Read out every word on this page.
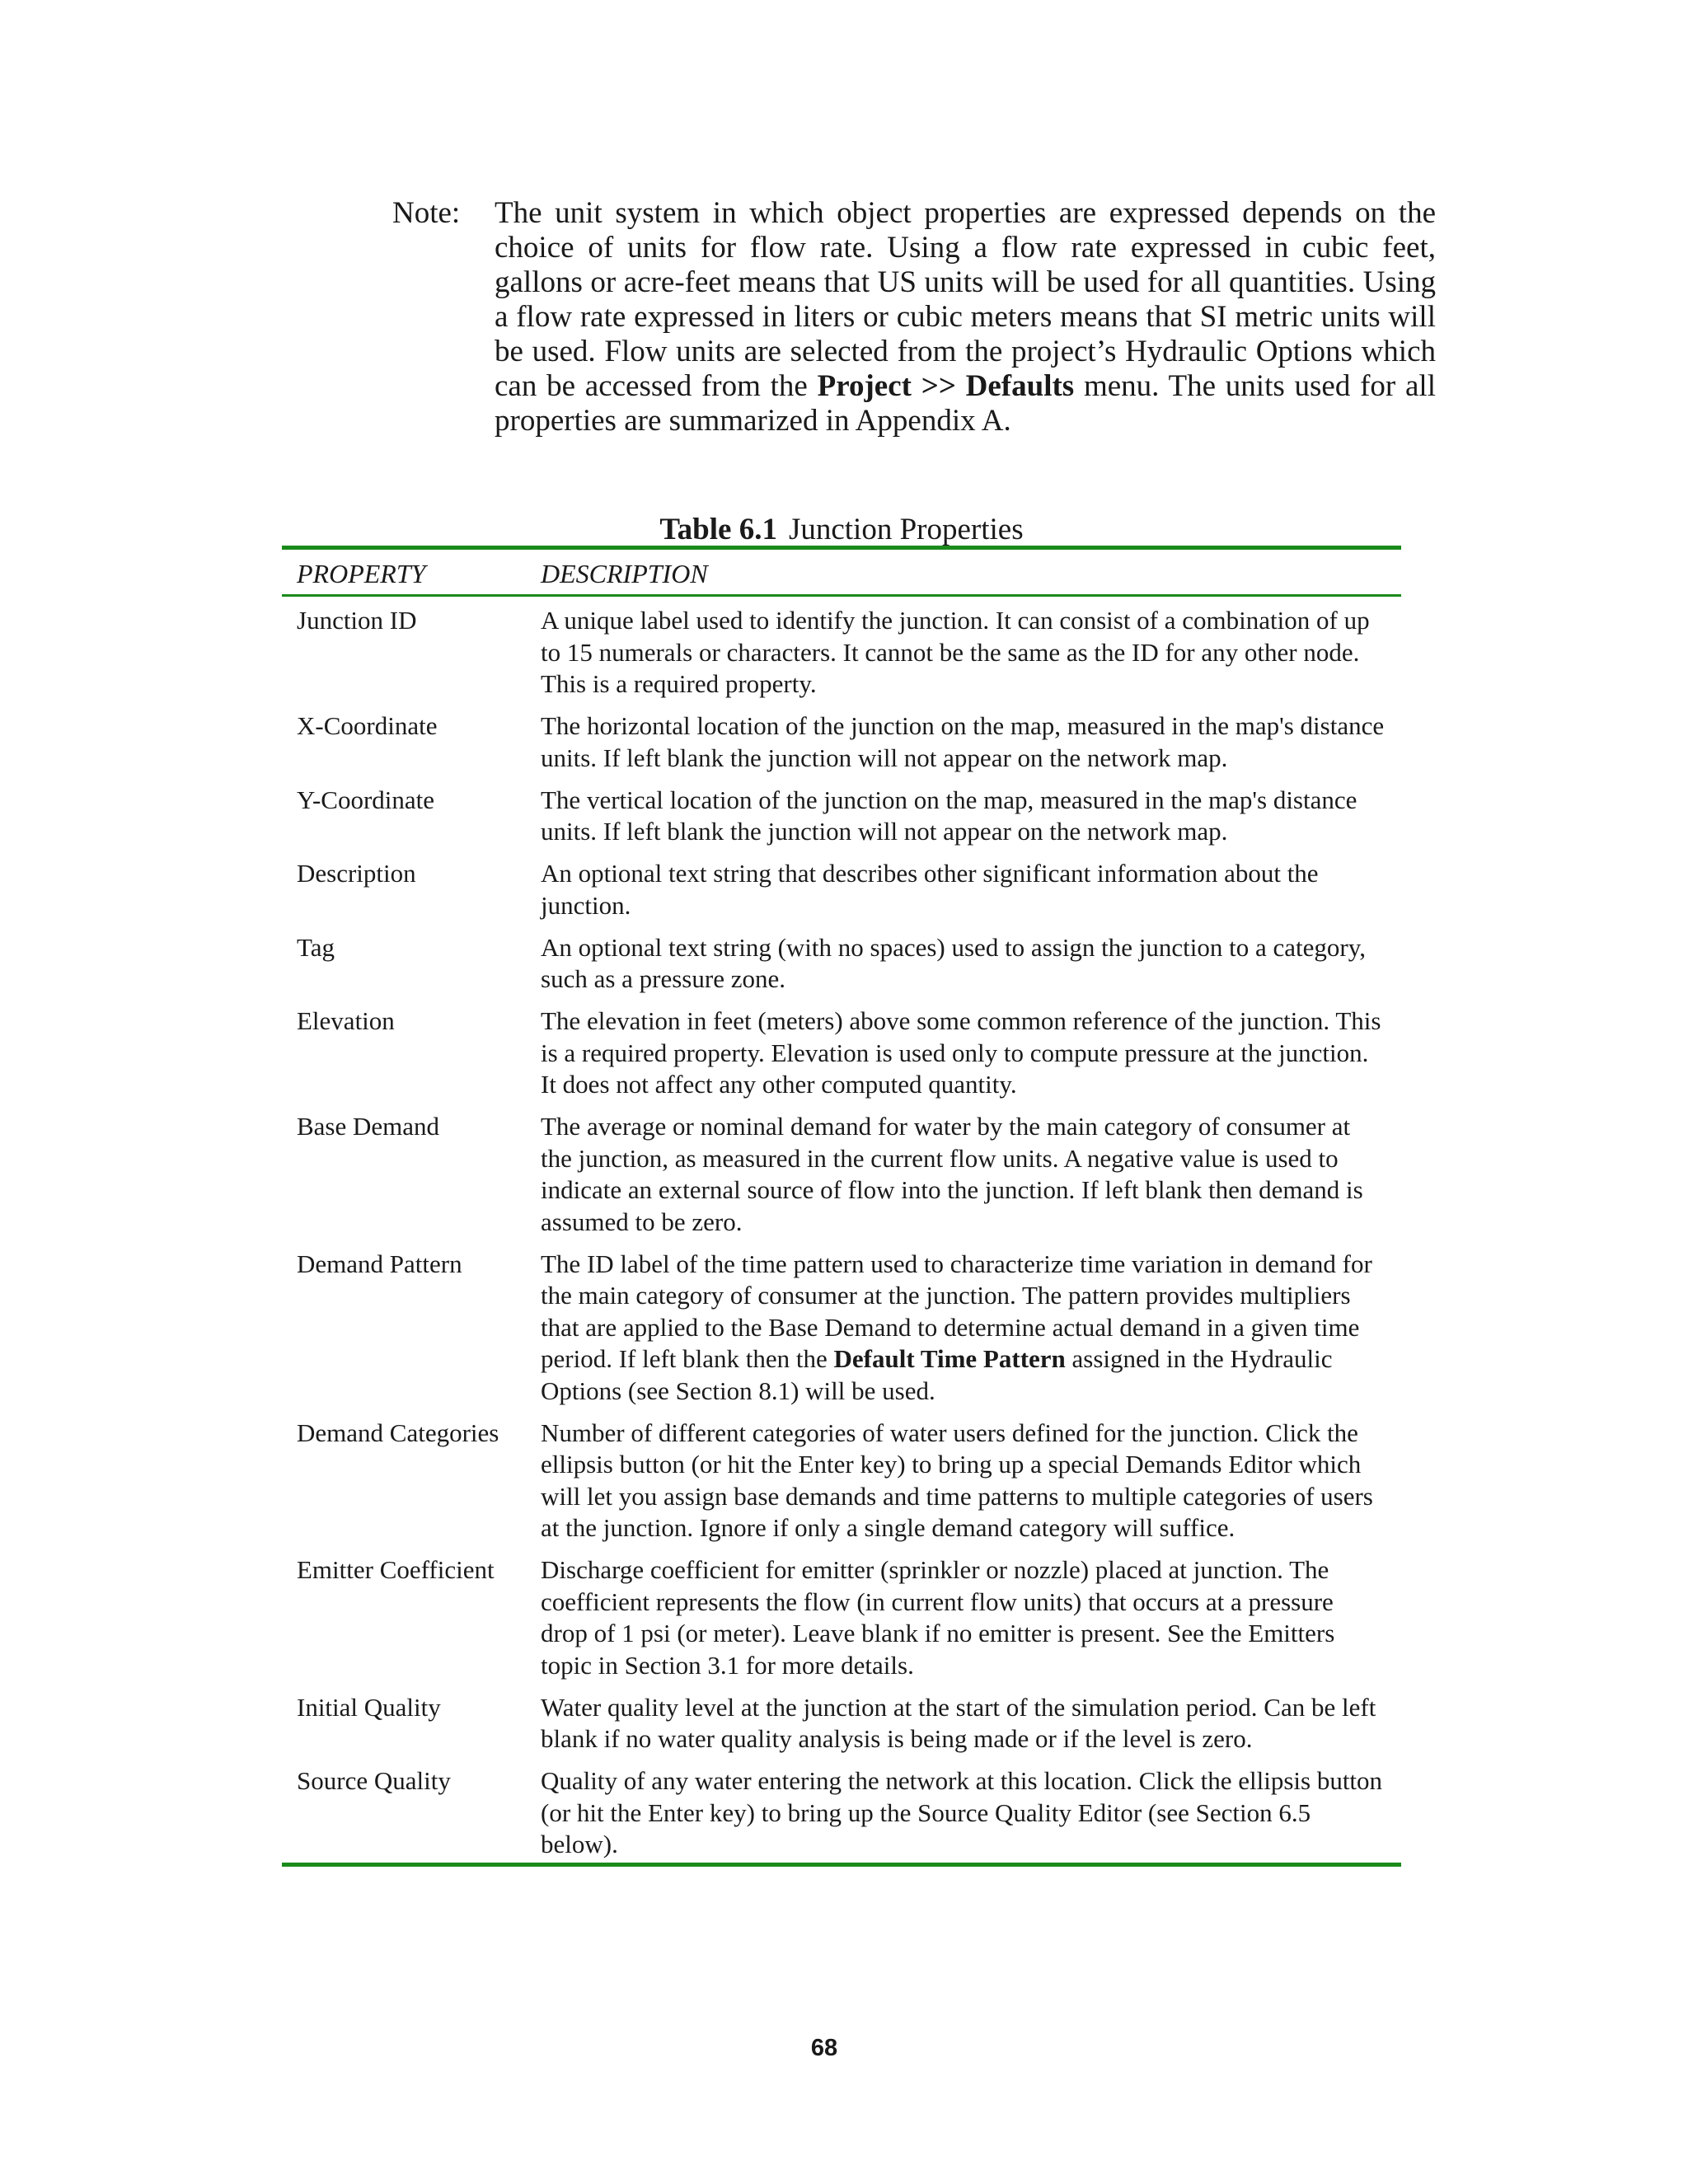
Note:	The unit system in which object properties are expressed depends on the choice of units for flow rate. Using a flow rate expressed in cubic feet, gallons or acre-feet means that US units will be used for all quantities. Using a flow rate expressed in liters or cubic meters means that SI metric units will be used. Flow units are selected from the project’s Hydraulic Options which can be accessed from the Project >> Defaults menu. The units used for all properties are summarized in Appendix A.
Table 6.1 Junction Properties
PROPERTY	DESCRIPTION
Junction ID	A unique label used to identify the junction. It can consist of a combination of up to 15 numerals or characters. It cannot be the same as the ID for any other node. This is a required property.
X-Coordinate	The horizontal location of the junction on the map, measured in the map's distance units. If left blank the junction will not appear on the network map.
Y-Coordinate	The vertical location of the junction on the map, measured in the map's distance units. If left blank the junction will not appear on the network map.
Description	An optional text string that describes other significant information about the junction.
Tag	An optional text string (with no spaces) used to assign the junction to a category, such as a pressure zone.
Elevation	The elevation in feet (meters) above some common reference of the junction. This is a required property. Elevation is used only to compute pressure at the junction. It does not affect any other computed quantity.
Base Demand	The average or nominal demand for water by the main category of consumer at the junction, as measured in the current flow units. A negative value is used to indicate an external source of flow into the junction. If left blank then demand is assumed to be zero.
Demand Pattern	The ID label of the time pattern used to characterize time variation in demand for the main category of consumer at the junction. The pattern provides multipliers that are applied to the Base Demand to determine actual demand in a given time period. If left blank then the Default Time Pattern assigned in the Hydraulic Options (see Section 8.1) will be used.
Demand Categories	Number of different categories of water users defined for the junction. Click the ellipsis button (or hit the Enter key) to bring up a special Demands Editor which will let you assign base demands and time patterns to multiple categories of users at the junction. Ignore if only a single demand category will suffice.
Emitter Coefficient	Discharge coefficient for emitter (sprinkler or nozzle) placed at junction. The coefficient represents the flow (in current flow units) that occurs at a pressure drop of 1 psi (or meter). Leave blank if no emitter is present. See the Emitters topic in Section 3.1 for more details.
Initial Quality	Water quality level at the junction at the start of the simulation period. Can be left blank if no water quality analysis is being made or if the level is zero.
Source Quality	Quality of any water entering the network at this location. Click the ellipsis button (or hit the Enter key) to bring up the Source Quality Editor (see Section 6.5 below).
68
